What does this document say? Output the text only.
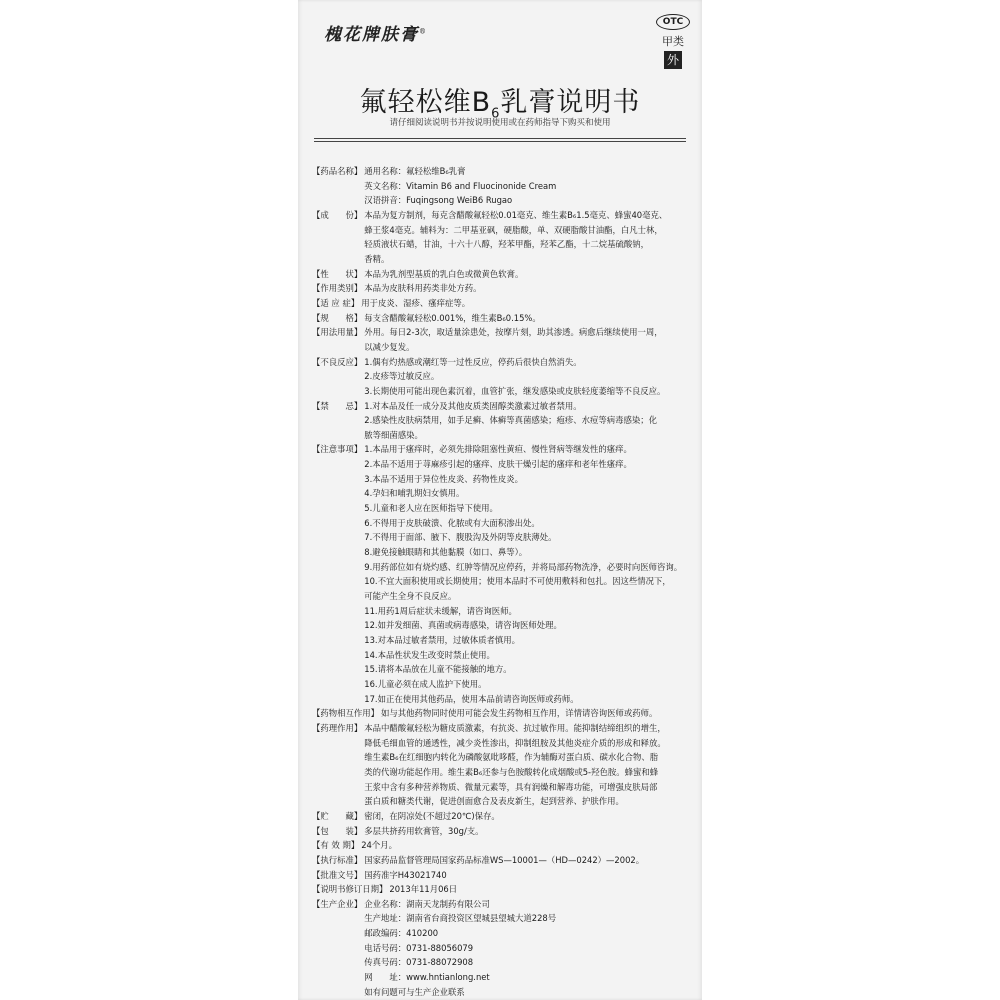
槐花牌肤膏®
OTC
甲类
外
氟轻松维$B_6$乳膏说明书
请仔细阅读说明书并按说明使用或在药师指导下购买和使用
【药品名称】 通用名称：氟轻松维B₆乳膏
英文名称：Vitamin B6 and Fluocinonide Cream
汉语拼音：Fuqingsong WeiB6 Rugao
【成　　份】 本品为复方制剂，每克含醋酸氟轻松0.01毫克、维生素B₆1.5毫克、蜂蜜40毫克、
蜂王浆4毫克。辅料为：二甲基亚砜，硬脂酸，单、双硬脂酸甘油酯，白凡士林，
轻质液状石蜡，甘油，十六十八醇，羟苯甲酯，羟苯乙酯，十二烷基硫酸钠，
香精。
【性　　状】 本品为乳剂型基质的乳白色或微黄色软膏。
【作用类别】 本品为皮肤科用药类非处方药。
【适 应 症】 用于皮炎、湿疹、瘙痒症等。
【规　　格】 每支含醋酸氟轻松0.001%，维生素B₆0.15%。
【用法用量】 外用。每日2-3次，取适量涂患处，按摩片刻，助其渗透。病愈后继续使用一周，
以减少复发。
【不良反应】 1.偶有灼热感或潮红等一过性反应，停药后很快自然消失。
2.皮疹等过敏反应。
3.长期使用可能出现色素沉着，血管扩张，继发感染或皮肤轻度萎缩等不良反应。
【禁　　忌】 1.对本品及任一成分及其他皮质类固醇类激素过敏者禁用。
2.感染性皮肤病禁用，如手足癣、体癣等真菌感染；疱疹、水痘等病毒感染；化
脓等细菌感染。
【注意事项】 1.本品用于瘙痒时，必须先排除阻塞性黄疸、慢性肾病等继发性的瘙痒。
2.本品不适用于荨麻疹引起的瘙痒、皮肤干燥引起的瘙痒和老年性瘙痒。
3.本品不适用于异位性皮炎、药物性皮炎。
4.孕妇和哺乳期妇女慎用。
5.儿童和老人应在医师指导下使用。
6.不得用于皮肤破溃、化脓或有大面积渗出处。
7.不得用于面部、腋下、腹股沟及外阴等皮肤薄处。
8.避免接触眼睛和其他黏膜（如口、鼻等）。
9.用药部位如有烧灼感、红肿等情况应停药，并将局部药物洗净，必要时向医师咨询。
10.不宜大面积使用或长期使用；使用本品时不可使用敷料和包扎。因这些情况下，
可能产生全身不良反应。
11.用药1周后症状未缓解，请咨询医师。
12.如并发细菌、真菌或病毒感染，请咨询医师处理。
13.对本品过敏者禁用，过敏体质者慎用。
14.本品性状发生改变时禁止使用。
15.请将本品放在儿童不能接触的地方。
16.儿童必须在成人监护下使用。
17.如正在使用其他药品，使用本品前请咨询医师或药师。
【药物相互作用】 如与其他药物同时使用可能会发生药物相互作用，详情请咨询医师或药师。
【药理作用】 本品中醋酸氟轻松为糖皮质激素，有抗炎、抗过敏作用。能抑制结缔组织的增生，
降低毛细血管的通透性，减少炎性渗出，抑制组胺及其他炎症介质的形成和释放。
维生素B₆在红细胞内转化为磷酸氨吡哆醛，作为辅酶对蛋白质、碳水化合物、脂
类的代谢功能起作用。维生素B₆还参与色胺酸转化成烟酸或5-羟色胺。蜂蜜和蜂
王浆中含有多种营养物质、微量元素等，具有润燥和解毒功能，可增强皮肤局部
蛋白质和糖类代谢，促进创面愈合及表皮新生，起到营养、护肤作用。
【贮　　藏】 密闭，在阴凉处(不超过20℃)保存。
【包　　装】 多层共挤药用软膏管，30g/支。
【有 效 期】 24个月。
【执行标准】 国家药品监督管理局国家药品标准WS—10001—（HD—0242）—2002。
【批准文号】 国药准字H43021740
【说明书修订日期】 2013年11月06日
【生产企业】 企业名称：湖南天龙制药有限公司
生产地址：湖南省台商投资区望城县望城大道228号
邮政编码：410200
电话号码：0731-88056079
传真号码：0731-88072908
网　　址：www.hntianlong.net
如有问题可与生产企业联系
